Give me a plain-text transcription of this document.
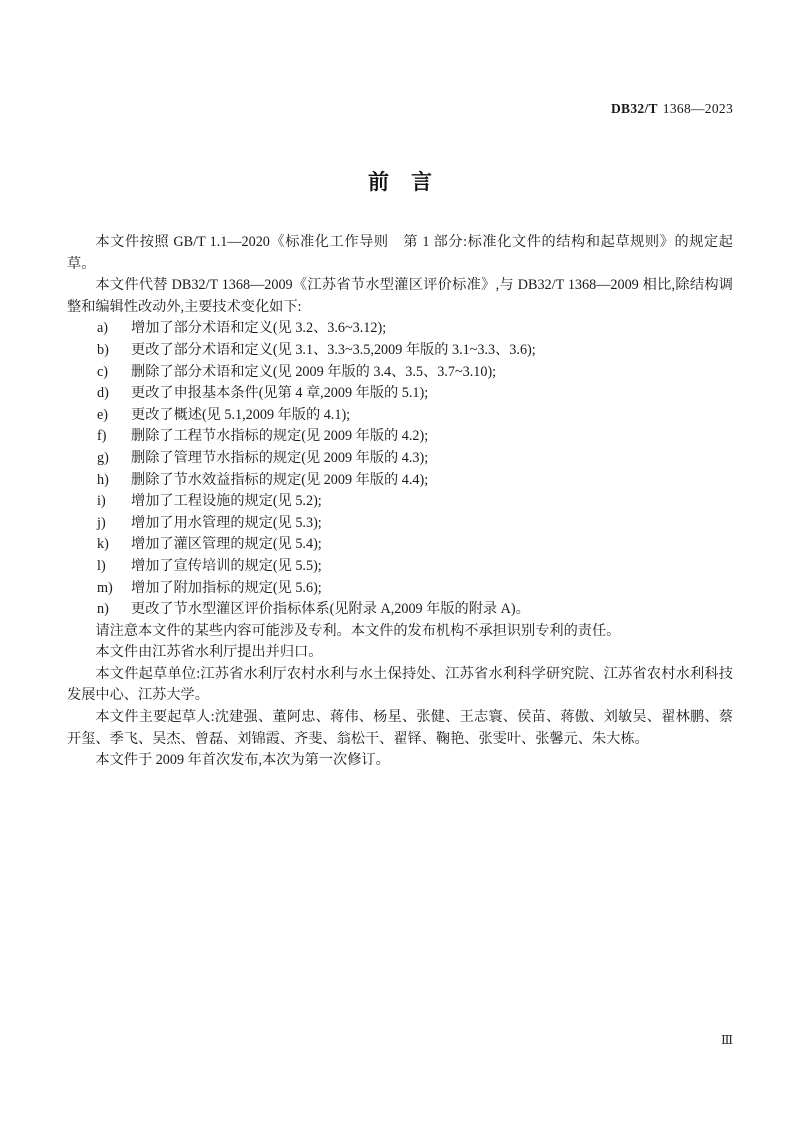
DB32/T 1368—2023
前言

本文件按照 GB/T 1.1—2020《标准化工作导则　第 1 部分:标准化文件的结构和起草规则》的规定起草。

本文件代替 DB32/T 1368—2009《江苏省节水型灌区评价标准》,与 DB32/T 1368—2009 相比,除结构调整和编辑性改动外,主要技术变化如下:

a)	增加了部分术语和定义(见 3.2、3.6~3.12);
b)	更改了部分术语和定义(见 3.1、3.3~3.5,2009 年版的 3.1~3.3、3.6);
c)	删除了部分术语和定义(见 2009 年版的 3.4、3.5、3.7~3.10);
d)	更改了申报基本条件(见第 4 章,2009 年版的 5.1);
e)	更改了概述(见 5.1,2009 年版的 4.1);
f)	删除了工程节水指标的规定(见 2009 年版的 4.2);
g)	删除了管理节水指标的规定(见 2009 年版的 4.3);
h)	删除了节水效益指标的规定(见 2009 年版的 4.4);
i)	增加了工程设施的规定(见 5.2);
j)	增加了用水管理的规定(见 5.3);
k)	增加了灌区管理的规定(见 5.4);
l)	增加了宣传培训的规定(见 5.5);
m)	增加了附加指标的规定(见 5.6);
n)	更改了节水型灌区评价指标体系(见附录 A,2009 年版的附录 A)。

请注意本文件的某些内容可能涉及专利。本文件的发布机构不承担识别专利的责任。

本文件由江苏省水利厅提出并归口。

本文件起草单位:江苏省水利厅农村水利与水土保持处、江苏省水利科学研究院、江苏省农村水利科技发展中心、江苏大学。

本文件主要起草人:沈建强、董阿忠、蒋伟、杨星、张健、王志寰、侯苗、蒋傲、刘敏吴、翟林鹏、蔡开玺、季飞、吴杰、曾磊、刘锦霞、齐斐、翁松干、翟铎、鞠艳、张雯叶、张馨元、朱大栋。

本文件于 2009 年首次发布,本次为第一次修订。

Ⅲ
